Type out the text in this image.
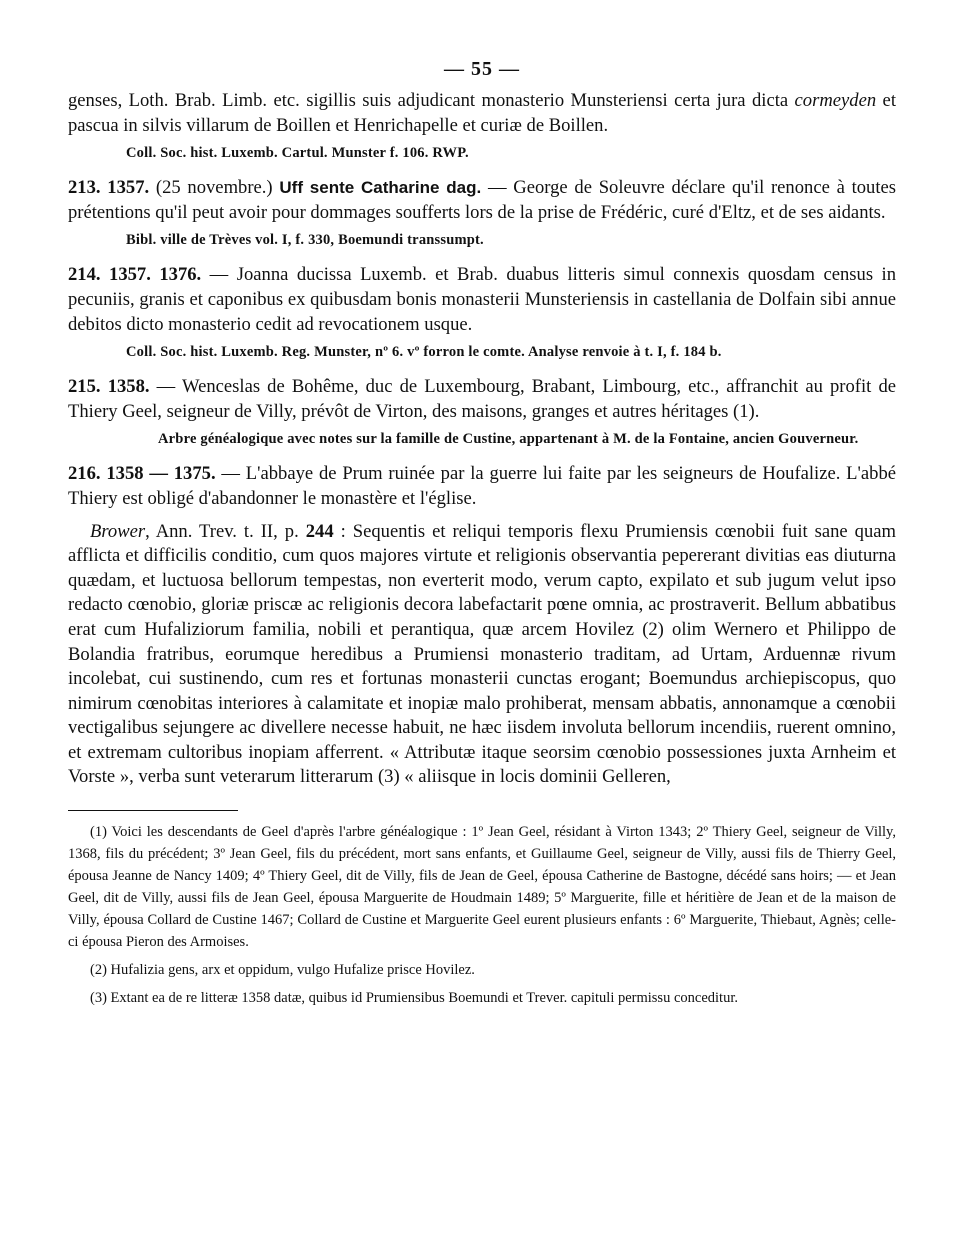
— 55 —

genses, Loth. Brab. Limb. etc. sigillis suis adjudicant monasterio Munsteriensi certa jura dicta cormeyden et pascua in silvis villarum de Boillen et Henrichapelle et curiæ de Boillen.

Coll. Soc. hist. Luxemb. Cartul. Munster f. 106. RWP.

213. 1357. (25 novembre.) Uff sente Catharine dag. — George de Soleuvre déclare qu'il renonce à toutes prétentions qu'il peut avoir pour dommages soufferts lors de la prise de Frédéric, curé d'Eltz, et de ses aidants.

Bibl. ville de Trèves vol. I, f. 330, Boemundi transsumpt.

214. 1357. 1376. — Joanna ducissa Luxemb. et Brab. duabus litteris simul connexis quosdam census in pecuniis, granis et caponibus ex quibusdam bonis monasterii Munsteriensis in castellania de Dolfain sibi annue debitos dicto monasterio cedit ad revocationem usque.

Coll. Soc. hist. Luxemb. Reg. Munster, nº 6. vº forron le comte. Analyse renvoie à t. I, f. 184 b.

215. 1358. — Wenceslas de Bohême, duc de Luxembourg, Brabant, Limbourg, etc., affranchit au profit de Thiery Geel, seigneur de Villy, prévôt de Virton, des maisons, granges et autres héritages (1).

Arbre généalogique avec notes sur la famille de Custine, appartenant à M. de la Fontaine, ancien Gouverneur.

216. 1358 — 1375. — L'abbaye de Prum ruinée par la guerre lui faite par les seigneurs de Houfalize. L'abbé Thiery est obligé d'abandonner le monastère et l'église.

Brower, Ann. Trev. t. II, p. 244 : Sequentis et reliqui temporis flexu Prumiensis cœnobii fuit sane quam afflicta et difficilis conditio, cum quos majores virtute et religionis observantia pepererant divitias eas diuturna quædam, et luctuosa bellorum tempestas, non everterit modo, verum capto, expilato et sub jugum velut ipso redacto cœnobio, gloriæ priscæ ac religionis decora labefactarit pœne omnia, ac prostraverit. Bellum abbatibus erat cum Hufaliziorum familia, nobili et perantiqua, quæ arcem Hovilez (2) olim Wernero et Philippo de Bolandia fratribus, eorumque heredibus a Prumiensi monasterio traditam, ad Urtam, Arduennæ rivum incolebat, cui sustinendo, cum res et fortunas monasterii cunctas erogant; Boemundus archiepiscopus, quo nimirum cœnobitas interiores à calamitate et inopiæ malo prohiberat, mensam abbatis, annonamque a cœnobii vectigalibus sejungere ac divellere necesse habuit, ne hæc iisdem involuta bellorum incendiis, ruerent omnino, et extremam cultoribus inopiam afferrent. « Attributæ itaque seorsim cœnobio possessiones juxta Arnheim et Vorste », verba sunt veterarum litterarum (3) « aliisque in locis dominii Gelleren,

(1) Voici les descendants de Geel d'après l'arbre généalogique : 1º Jean Geel, résidant à Virton 1343; 2º Thiery Geel, seigneur de Villy, 1368, fils du précédent; 3º Jean Geel, fils du précédent, mort sans enfants, et Guillaume Geel, seigneur de Villy, aussi fils de Thierry Geel, épousa Jeanne de Nancy 1409; 4º Thiery Geel, dit de Villy, fils de Jean de Geel, épousa Catherine de Bastogne, décédé sans hoirs; — et Jean Geel, dit de Villy, aussi fils de Jean Geel, épousa Marguerite de Houdmain 1489; 5º Marguerite, fille et héritière de Jean et de la maison de Villy, épousa Collard de Custine 1467; Collard de Custine et Marguerite Geel eurent plusieurs enfants : 6º Marguerite, Thiebaut, Agnès; celle-ci épousa Pieron des Armoises.

(2) Hufalizia gens, arx et oppidum, vulgo Hufalize prisce Hovilez.

(3) Extant ea de re litteræ 1358 datæ, quibus id Prumiensibus Boemundi et Trever. capituli permissu conceditur.
